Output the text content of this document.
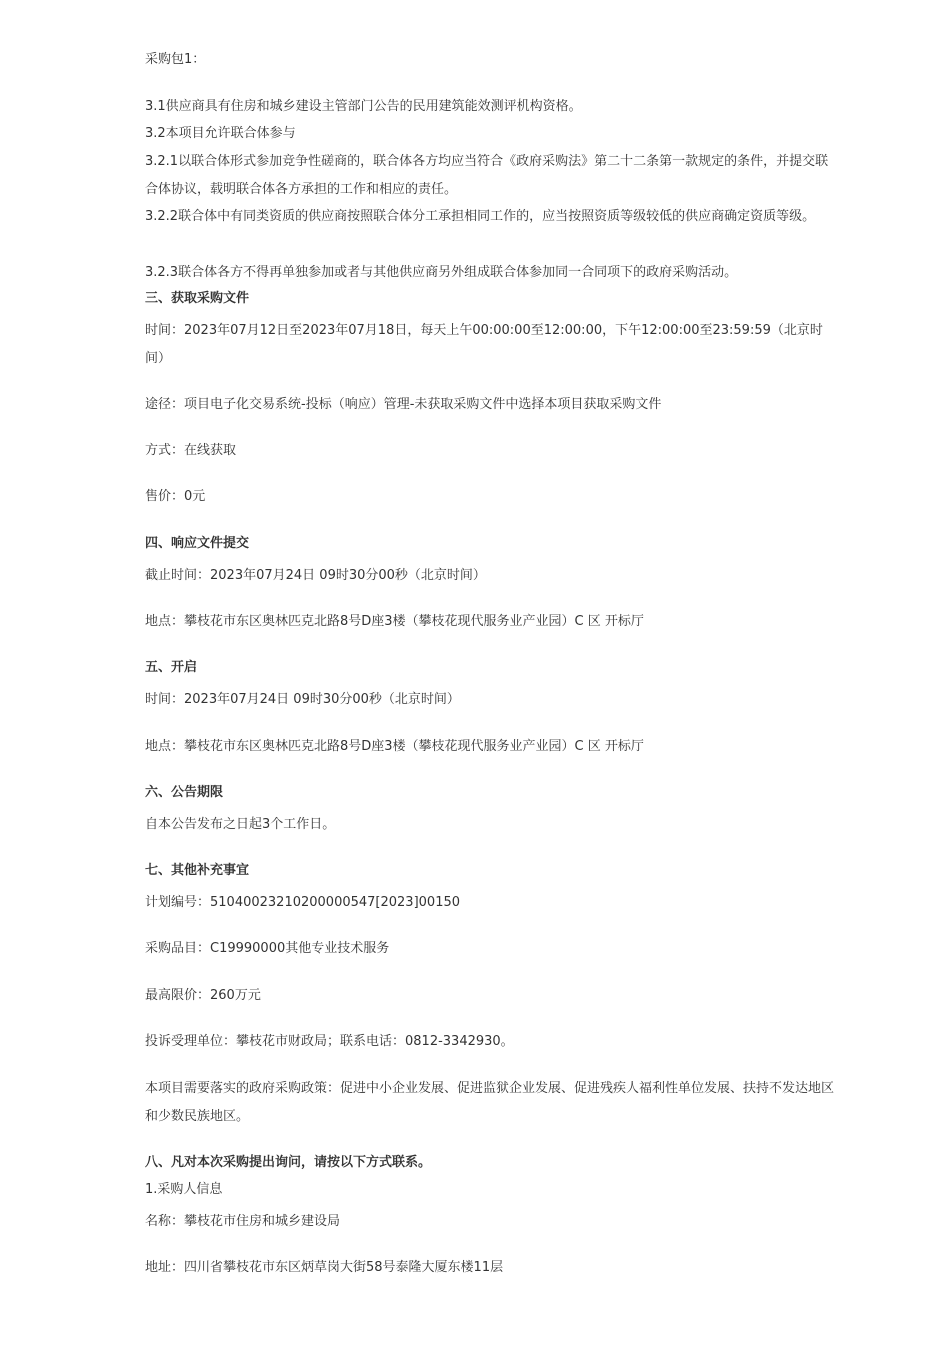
采购包1：
3.1供应商具有住房和城乡建设主管部门公告的民用建筑能效测评机构资格。
3.2本项目允许联合体参与
3.2.1以联合体形式参加竞争性磋商的，联合体各方均应当符合《政府采购法》第二十二条第一款规定的条件，并提交联合体协议，载明联合体各方承担的工作和相应的责任。
3.2.2联合体中有同类资质的供应商按照联合体分工承担相同工作的，应当按照资质等级较低的供应商确定资质等级。
3.2.3联合体各方不得再单独参加或者与其他供应商另外组成联合体参加同一合同项下的政府采购活动。
三、获取采购文件
时间：2023年07月12日至2023年07月18日，每天上午00:00:00至12:00:00，下午12:00:00至23:59:59（北京时间）
途径：项目电子化交易系统-投标（响应）管理-未获取采购文件中选择本项目获取采购文件
方式：在线获取
售价：0元
四、响应文件提交
截止时间：2023年07月24日 09时30分00秒（北京时间）
地点：攀枝花市东区奥林匹克北路8号D座3楼（攀枝花现代服务业产业园）C 区 开标厅
五、开启
时间：2023年07月24日 09时30分00秒（北京时间）
地点：攀枝花市东区奥林匹克北路8号D座3楼（攀枝花现代服务业产业园）C 区 开标厅
六、公告期限
自本公告发布之日起3个工作日。
七、其他补充事宜
计划编号：51040023210200000547[2023]00150
采购品目：C19990000其他专业技术服务
最高限价：260万元
投诉受理单位：攀枝花市财政局；联系电话：0812-3342930。
本项目需要落实的政府采购政策：促进中小企业发展、促进监狱企业发展、促进残疾人福利性单位发展、扶持不发达地区和少数民族地区。
八、凡对本次采购提出询问，请按以下方式联系。
1.采购人信息
名称：攀枝花市住房和城乡建设局
地址：四川省攀枝花市东区炳草岗大街58号泰隆大厦东楼11层
